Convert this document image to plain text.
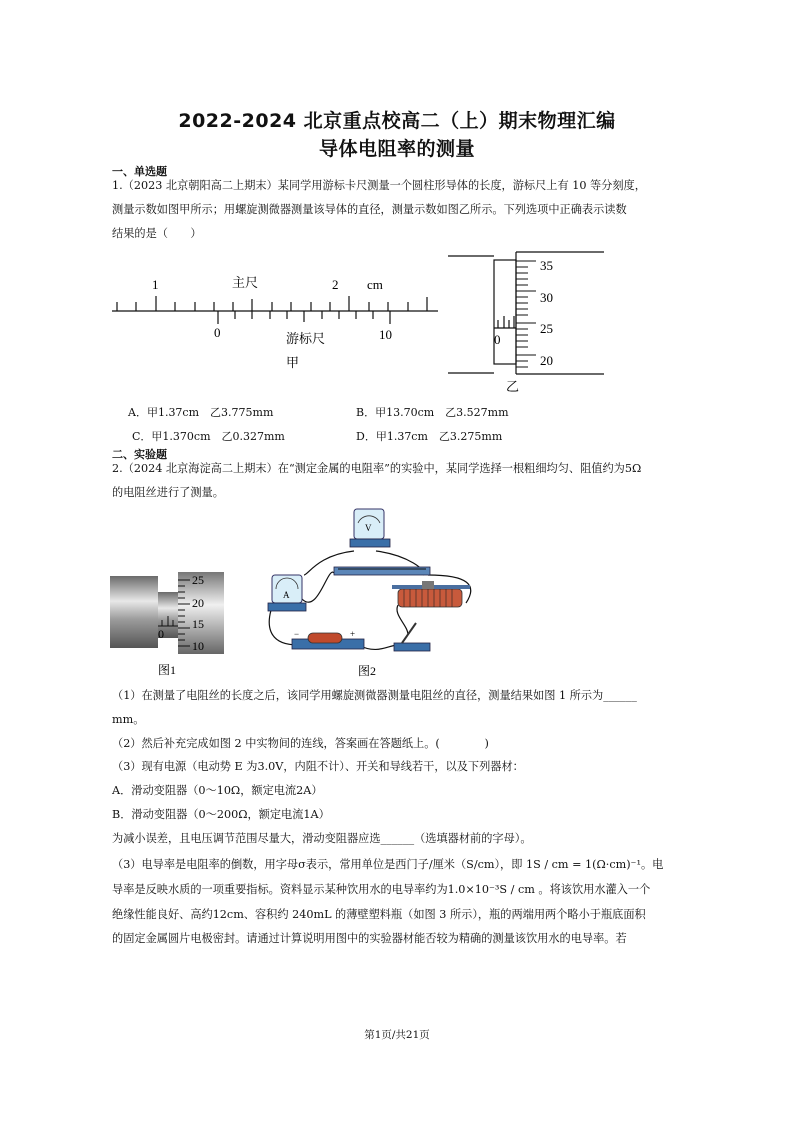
2022-2024 北京重点校高二（上）期末物理汇编
导体电阻率的测量
一、单选题
1.（2023 北京朝阳高二上期末）某同学用游标卡尺测量一个圆柱形导体的长度，游标尺上有 10 等分刻度，
测量示数如图甲所示；用螺旋测微器测量该导体的直径，测量示数如图乙所示。下列选项中正确表示读数
结果的是（　　）
1	主尺	2 cm
0	10
游标尺
甲
35
30
25
20
0
乙
A．甲1.37cm　乙3.775mm	B．甲13.70cm　乙3.527mm
C．甲1.370cm　乙0.327mm	D．甲1.37cm　乙3.275mm
二、实验题
2.（2024 北京海淀高二上期末）在“测定金属的电阻率”的实验中，某同学选择一根粗细均匀、阻值约为5Ω
的电阻丝进行了测量。
25
20
15
10
0
图1
V
A
−	+
图2
（1）在测量了电阻丝的长度之后，该同学用螺旋测微器测量电阻丝的直径，测量结果如图 1 所示为______
mm。
（2）然后补充完成如图 2 中实物间的连线，答案画在答题纸上。(　　　　)
（3）现有电源（电动势 E 为3.0V，内阻不计）、开关和导线若干，以及下列器材：
A．滑动变阻器（0～10Ω，额定电流2A）
B．滑动变阻器（0～200Ω，额定电流1A）
为减小误差，且电压调节范围尽量大，滑动变阻器应选______（选填器材前的字母）。
（3）电导率是电阻率的倒数，用字母σ表示，常用单位是西门子/厘米（S/cm），即 1S / cm = 1(Ω·cm)⁻¹。电
导率是反映水质的一项重要指标。资料显示某种饮用水的电导率约为1.0×10⁻³S / cm 。将该饮用水灌入一个
绝缘性能良好、高约12cm、容积约 240mL 的薄壁塑料瓶（如图 3 所示），瓶的两端用两个略小于瓶底面积
的固定金属圆片电极密封。请通过计算说明用图中的实验器材能否较为精确的测量该饮用水的电导率。若
第1页/共21页
